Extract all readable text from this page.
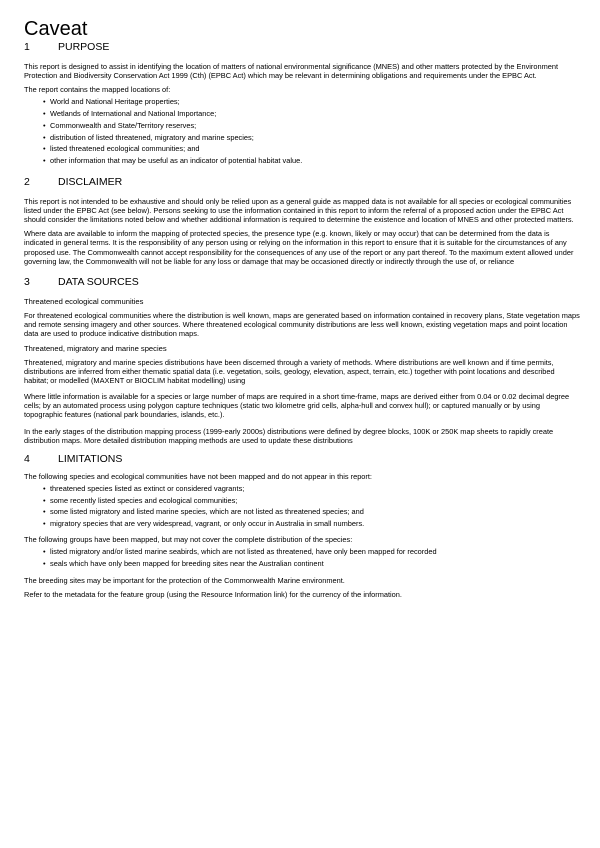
Caveat
1	PURPOSE

This report is designed to assist in identifying the location of matters of national environmental significance (MNES) and other matters protected by the Environment Protection and Biodiversity Conservation Act 1999 (Cth) (EPBC Act) which may be relevant in determining obligations and requirements under the EPBC Act.

The report contains the mapped locations of:

• World and National Heritage properties;
• Wetlands of International and National Importance;
• Commonwealth and State/Territory reserves;
• distribution of listed threatened, migratory and marine species;
• listed threatened ecological communities; and
• other information that may be useful as an indicator of potential habitat value.
2	DISCLAIMER

This report is not intended to be exhaustive and should only be relied upon as a general guide as mapped data is not available for all species or ecological communities listed under the EPBC Act (see below). Persons seeking to use the information contained in this report to inform the referral of a proposed action under the EPBC Act should consider the limitations noted below and whether additional information is required to determine the existence and location of MNES and other protected matters.

Where data are available to inform the mapping of protected species, the presence type (e.g. known, likely or may occur) that can be determined from the data is indicated in general terms. It is the responsibility of any person using or relying on the information in this report to ensure that it is suitable for the circumstances of any proposed use. The Commonwealth cannot accept responsibility for the consequences of any use of the report or any part thereof. To the maximum extent allowed under governing law, the Commonwealth will not be liable for any loss or damage that may be occasioned directly or indirectly through the use of, or reliance

3	DATA SOURCES
Threatened ecological communities

For threatened ecological communities where the distribution is well known, maps are generated based on information contained in recovery plans, State vegetation maps and remote sensing imagery and other sources. Where threatened ecological community distributions are less well known, existing vegetation maps and point location data are used to produce indicative distribution maps.

Threatened, migratory and marine species

Threatened, migratory and marine species distributions have been discerned through a variety of methods. Where distributions are well known and if time permits, distributions are inferred from either thematic spatial data (i.e. vegetation, soils, geology, elevation, aspect, terrain, etc.) together with point locations and described habitat; or modelled (MAXENT or BIOCLIM habitat modelling) using

Where little information is available for a species or large number of maps are required in a short time-frame, maps are derived either from 0.04 or 0.02 decimal degree cells; by an automated process using polygon capture techniques (static two kilometre grid cells, alpha-hull and convex hull); or captured manually or by using topographic features (national park boundaries, islands, etc.).

In the early stages of the distribution mapping process (1999-early 2000s) distributions were defined by degree blocks, 100K or 250K map sheets to rapidly create distribution maps. More detailed distribution mapping methods are used to update these distributions

4	LIMITATIONS

The following species and ecological communities have not been mapped and do not appear in this report:

• threatened species listed as extinct or considered vagrants;
• some recently listed species and ecological communities;
• some listed migratory and listed marine species, which are not listed as threatened species; and
• migratory species that are very widespread, vagrant, or only occur in Australia in small numbers.

The following groups have been mapped, but may not cover the complete distribution of the species:

• listed migratory and/or listed marine seabirds, which are not listed as threatened, have only been mapped for recorded
• seals which have only been mapped for breeding sites near the Australian continent

The breeding sites may be important for the protection of the Commonwealth Marine environment.

Refer to the metadata for the feature group (using the Resource Information link) for the currency of the information.
